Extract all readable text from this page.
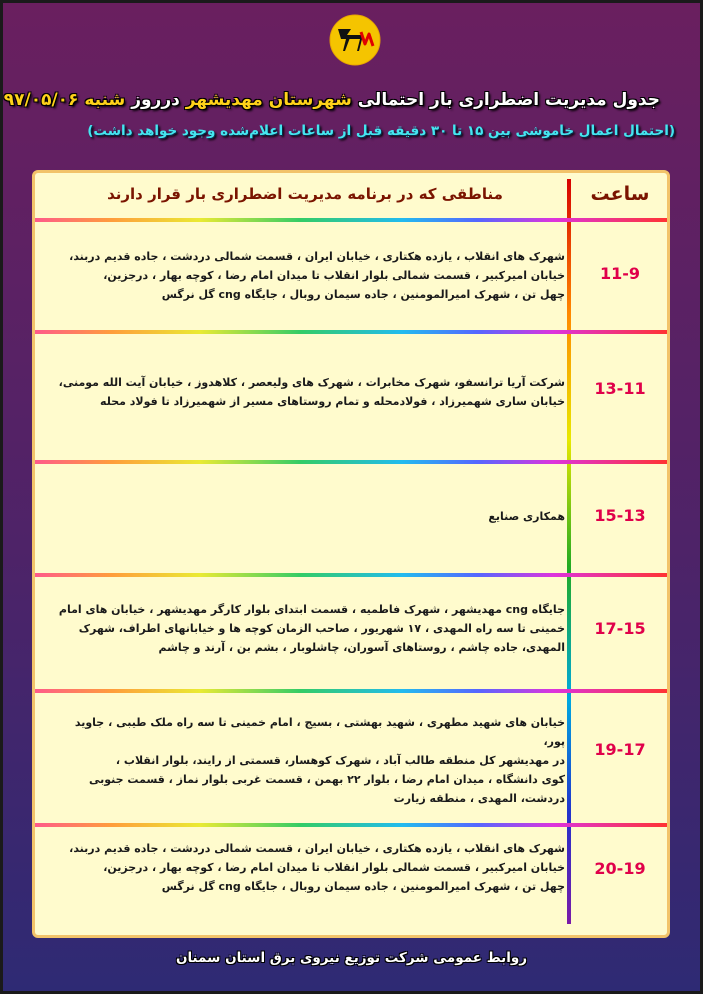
جدول مدیریت اضطراری بار احتمالی شهرستان مهدیشهر درروز شنبه ۹۷/۰۵/۰۶
(احتمال اعمال خاموشی بین ۱۵ تا ۳۰ دقیقه قبل از ساعات اعلام‌شده وجود خواهد داشت)
ساعت
مناطقی که در برنامه مدیریت اضطراری بار قرار دارند
11-9
شهرک های انقلاب ، یازده هکتاری ، خیابان ایران ، قسمت شمالی دردشت ، جاده قدیم دربند،
خیابان امیرکبیر ، قسمت شمالی بلوار انقلاب تا میدان امام رضا ، کوچه بهار ، درجزین،
چهل تن ، شهرک امیرالمومنین ، جاده سیمان روبال ، جایگاه cng گل نرگس
13-11
شرکت آریا ترانسفو، شهرک مخابرات ، شهرک های ولیعصر ، کلاهدوز ، خیابان آیت الله مومنی،
خیابان ساری شهمیرزاد ، فولادمحله و تمام روستاهای مسیر از شهمیرزاد تا فولاد محله
15-13
همکاری صنایع
17-15
جایگاه cng مهدیشهر ، شهرک فاطمیه ، قسمت ابتدای بلوار کارگر مهدیشهر ، خیابان های امام
خمینی تا سه راه المهدی ، ۱۷ شهریور ، صاحب الزمان کوچه ها و خیابانهای اطراف، شهرک
المهدی، جاده چاشم ، روستاهای آسوران، چاشلوبار ، بشم بن ، آرند و چاشم
19-17
خیابان های شهید مطهری ، شهید بهشتی ، بسیج ، امام خمینی تا سه راه ملک طیبی ، جاوید پور،
در مهدیشهر کل منطقه طالب آباد ، شهرک کوهسار، قسمتی از رایند، بلوار انقلاب ،
کوی دانشگاه ، میدان امام رضا ، بلوار ۲۲ بهمن ، قسمت غربی بلوار نماز ، قسمت جنوبی
دردشت، المهدی ، منطقه زیارت
20-19
شهرک های انقلاب ، یازده هکتاری ، خیابان ایران ، قسمت شمالی دردشت ، جاده قدیم دربند،
خیابان امیرکبیر ، قسمت شمالی بلوار انقلاب تا میدان امام رضا ، کوچه بهار ، درجزین،
چهل تن ، شهرک امیرالمومنین ، جاده سیمان روبال ، جایگاه cng گل نرگس
روابط عمومی شرکت توزیع نیروی برق استان سمنان
